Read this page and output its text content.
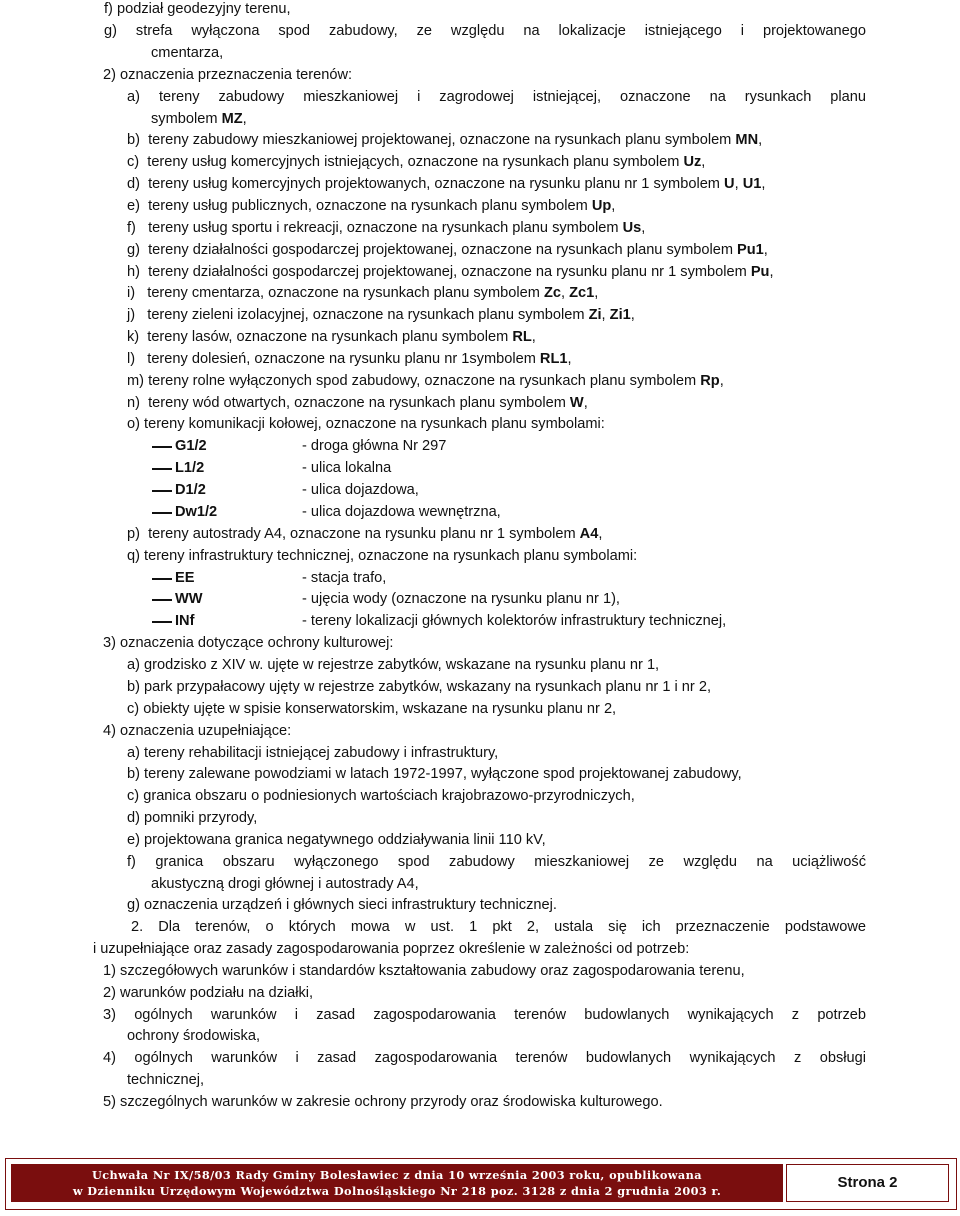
f) podział geodezyjny terenu,
g) strefa wyłączona spod zabudowy, ze względu na lokalizacje istniejącego i projektowanego
cmentarza,
2) oznaczenia przeznaczenia terenów:
a) tereny zabudowy mieszkaniowej i zagrodowej istniejącej, oznaczone na rysunkach planu
symbolem MZ,
b)  tereny zabudowy mieszkaniowej projektowanej, oznaczone na rysunkach planu symbolem MN,
c)  tereny usług komercyjnych istniejących, oznaczone na rysunkach planu symbolem Uz,
d)  tereny usług komercyjnych projektowanych, oznaczone na rysunku planu nr 1 symbolem U, U1,
e)  tereny usług publicznych, oznaczone na rysunkach planu symbolem Up,
f)   tereny usług sportu i rekreacji, oznaczone na rysunkach planu symbolem Us,
g)  tereny działalności gospodarczej projektowanej, oznaczone na rysunkach planu symbolem Pu1,
h)  tereny działalności gospodarczej projektowanej, oznaczone na rysunku planu nr 1 symbolem Pu,
i)   tereny cmentarza, oznaczone na rysunkach planu symbolem Zc, Zc1,
j)   tereny zieleni izolacyjnej, oznaczone na rysunkach planu symbolem Zi, Zi1,
k)  tereny lasów, oznaczone na rysunkach planu symbolem RL,
l)   tereny dolesień, oznaczone na rysunku planu nr 1symbolem RL1,
m) tereny rolne wyłączonych spod zabudowy, oznaczone na rysunkach planu symbolem Rp,
n)  tereny wód otwartych, oznaczone na rysunkach planu symbolem W,
o) tereny komunikacji kołowej, oznaczone na rysunkach planu symbolami:
G1/2	- droga główna Nr 297
L1/2	- ulica lokalna
D1/2	- ulica dojazdowa,
Dw1/2	- ulica dojazdowa wewnętrzna,
p)  tereny autostrady A4, oznaczone na rysunku planu nr 1 symbolem A4,
q) tereny infrastruktury technicznej, oznaczone na rysunkach planu symbolami:
EE	- stacja trafo,
WW	- ujęcia wody (oznaczone na rysunku planu nr 1),
INf	- tereny lokalizacji głównych kolektorów infrastruktury technicznej,
3) oznaczenia dotyczące ochrony kulturowej:
a) grodzisko z XIV w. ujęte w rejestrze zabytków, wskazane na rysunku planu nr 1,
b) park przypałacowy ujęty w rejestrze zabytków, wskazany na rysunkach planu nr 1 i nr 2,
c) obiekty ujęte w spisie konserwatorskim, wskazane na rysunku planu nr 2,
4) oznaczenia uzupełniające:
a) tereny rehabilitacji istniejącej zabudowy i infrastruktury,
b) tereny zalewane powodziami w latach 1972-1997, wyłączone spod projektowanej zabudowy,
c) granica obszaru o podniesionych wartościach krajobrazowo-przyrodniczych,
d) pomniki przyrody,
e) projektowana granica negatywnego oddziaływania linii 110 kV,
f) granica obszaru wyłączonego spod zabudowy mieszkaniowej ze względu na uciążliwość
akustyczną drogi głównej i autostrady A4,
g) oznaczenia urządzeń i głównych sieci infrastruktury technicznej.
2. Dla terenów, o których mowa w ust. 1 pkt 2, ustala się ich przeznaczenie podstawowe
i uzupełniające oraz zasady zagospodarowania poprzez określenie w zależności od potrzeb:
1) szczegółowych warunków i standardów kształtowania zabudowy oraz zagospodarowania terenu,
2) warunków podziału na działki,
3) ogólnych warunków i zasad zagospodarowania terenów budowlanych wynikających z potrzeb
ochrony środowiska,
4) ogólnych warunków i zasad zagospodarowania terenów budowlanych wynikających z obsługi
technicznej,
5) szczególnych warunków w zakresie ochrony przyrody oraz środowiska kulturowego.
Uchwała Nr IX/58/03 Rady Gminy Bolesławiec z dnia 10 września 2003 roku, opublikowana
w Dzienniku Urzędowym Województwa Dolnośląskiego Nr 218 poz. 3128 z dnia 2 grudnia 2003 r.	Strona 2
